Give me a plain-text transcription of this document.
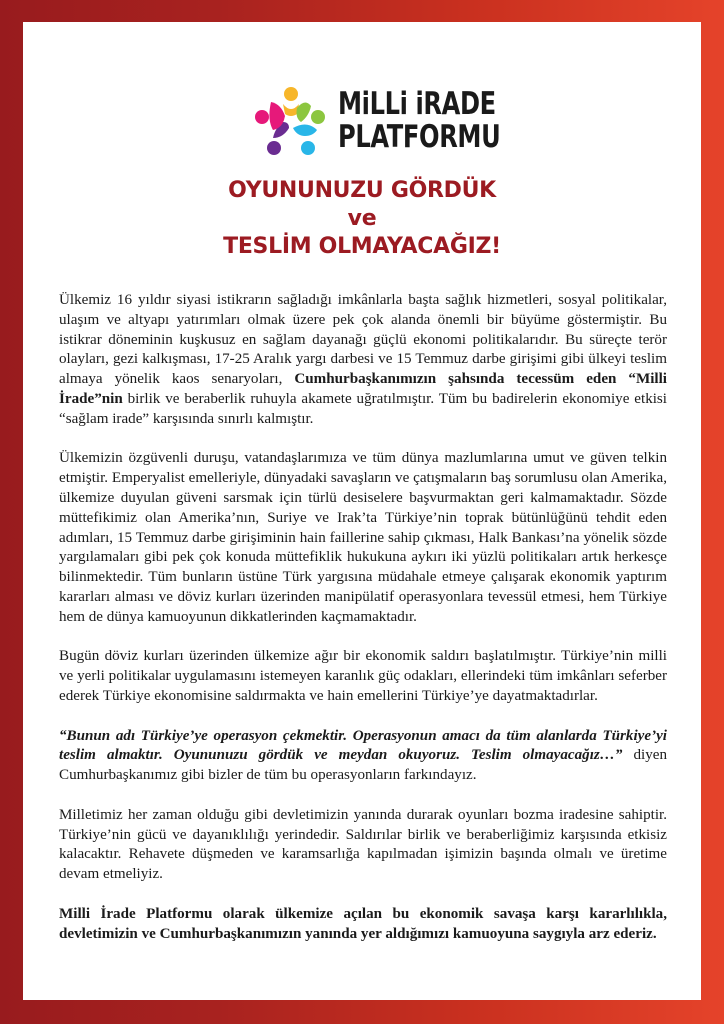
MiLLi iRADE
PLATFORMU
OYUNUNUZU GÖRDÜK
ve
TESLİM OLMAYACAĞIZ!

Ülkemiz 16 yıldır siyasi istikrarın sağladığı imkânlarla başta sağlık hizmetleri, sosyal politikalar, ulaşım ve altyapı yatırımları olmak üzere pek çok alanda önemli bir büyüme göstermiştir. Bu istikrar döneminin kuşkusuz en sağlam dayanağı güçlü ekonomi politikalarıdır. Bu süreçte terör olayları, gezi kalkışması, 17-25 Aralık yargı darbesi ve 15 Temmuz darbe girişimi gibi ülkeyi teslim almaya yönelik kaos senaryoları, Cumhurbaşkanımızın şahsında tecessüm eden “Milli İrade”nin birlik ve beraberlik ruhuyla akamete uğratılmıştır. Tüm bu badirelerin ekonomiye etkisi “sağlam irade” karşısında sınırlı kalmıştır.

Ülkemizin özgüvenli duruşu, vatandaşlarımıza ve tüm dünya mazlumlarına umut ve güven telkin etmiştir. Emperyalist emelleriyle, dünyadaki savaşların ve çatışmaların baş sorumlusu olan Amerika, ülkemize duyulan güveni sarsmak için türlü desiselere başvurmaktan geri kalmamaktadır. Sözde müttefikimiz olan Amerika’nın, Suriye ve Irak’ta Türkiye’nin toprak bütünlüğünü tehdit eden adımları, 15 Temmuz darbe girişiminin hain faillerine sahip çıkması, Halk Bankası’na yönelik sözde yargılamaları gibi pek çok konuda müttefiklik hukukuna aykırı iki yüzlü politikaları artık herkesçe bilinmektedir. Tüm bunların üstüne Türk yargısına müdahale etmeye çalışarak ekonomik yaptırım kararları alması ve döviz kurları üzerinden manipülatif operasyonlara tevessül etmesi, hem Türkiye hem de dünya kamuoyunun dikkatlerinden kaçmamaktadır.

Bugün döviz kurları üzerinden ülkemize ağır bir ekonomik saldırı başlatılmıştır. Türkiye’nin milli ve yerli politikalar uygulamasını istemeyen karanlık güç odakları, ellerindeki tüm imkânları seferber ederek Türkiye ekonomisine saldırmakta ve hain emellerini Türkiye’ye dayatmaktadırlar.

“Bunun adı Türkiye’ye operasyon çekmektir. Operasyonun amacı da tüm alanlarda Türkiye’yi teslim almaktır. Oyununuzu gördük ve meydan okuyoruz. Teslim olmayacağız…” diyen Cumhurbaşkanımız gibi bizler de tüm bu operasyonların farkındayız.

Milletimiz her zaman olduğu gibi devletimizin yanında durarak oyunları bozma iradesine sahiptir. Türkiye’nin gücü ve dayanıklılığı yerindedir. Saldırılar birlik ve beraberliğimiz karşısında etkisiz kalacaktır. Rehavete düşmeden ve karamsarlığa kapılmadan işimizin başında olmalı ve üretime devam etmeliyiz.

Milli İrade Platformu olarak ülkemize açılan bu ekonomik savaşa karşı kararlılıkla, devletimizin ve Cumhurbaşkanımızın yanında yer aldığımızı kamuoyuna saygıyla arz ederiz.
